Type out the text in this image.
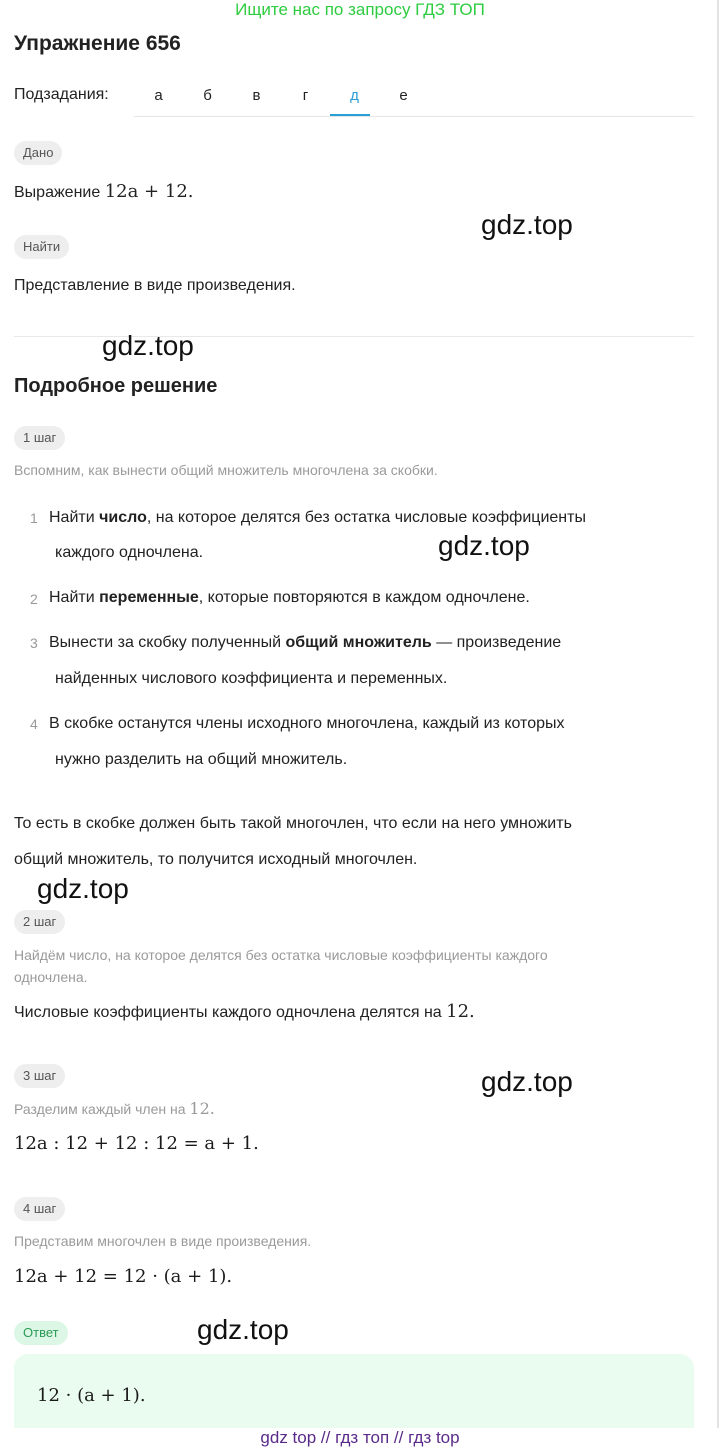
Ищите нас по запросу ГДЗ ТОП
Упражнение 656
Подзадания:	а	б	в	г	д	е
Дано
Выражение 12a + 12.
gdz.top
Найти
Представление в виде произведения.
gdz.top
Подробное решение
1 шаг
Вспомним, как вынести общий множитель многочлена за скобки.
1 Найти число, на которое делятся без остатка числовые коэффициенты
каждого одночлена.	gdz.top
2 Найти переменные, которые повторяются в каждом одночлене.
3 Вынести за скобку полученный общий множитель — произведение
найденных числового коэффициента и переменных.
4 В скобке останутся члены исходного многочлена, каждый из которых
нужно разделить на общий множитель.
То есть в скобке должен быть такой многочлен, что если на него умножить
общий множитель, то получится исходный многочлен.
gdz.top
2 шаг
Найдём число, на которое делятся без остатка числовые коэффициенты каждого
одночлена.
Числовые коэффициенты каждого одночлена делятся на 12.
3 шаг	gdz.top
Разделим каждый член на 12.
12a : 12 + 12 : 12 = a + 1.
4 шаг
Представим многочлен в виде произведения.
12a + 12 = 12 · (a + 1).
Ответ	gdz.top
12 · (a + 1).
gdz top // гдз топ // гдз top
